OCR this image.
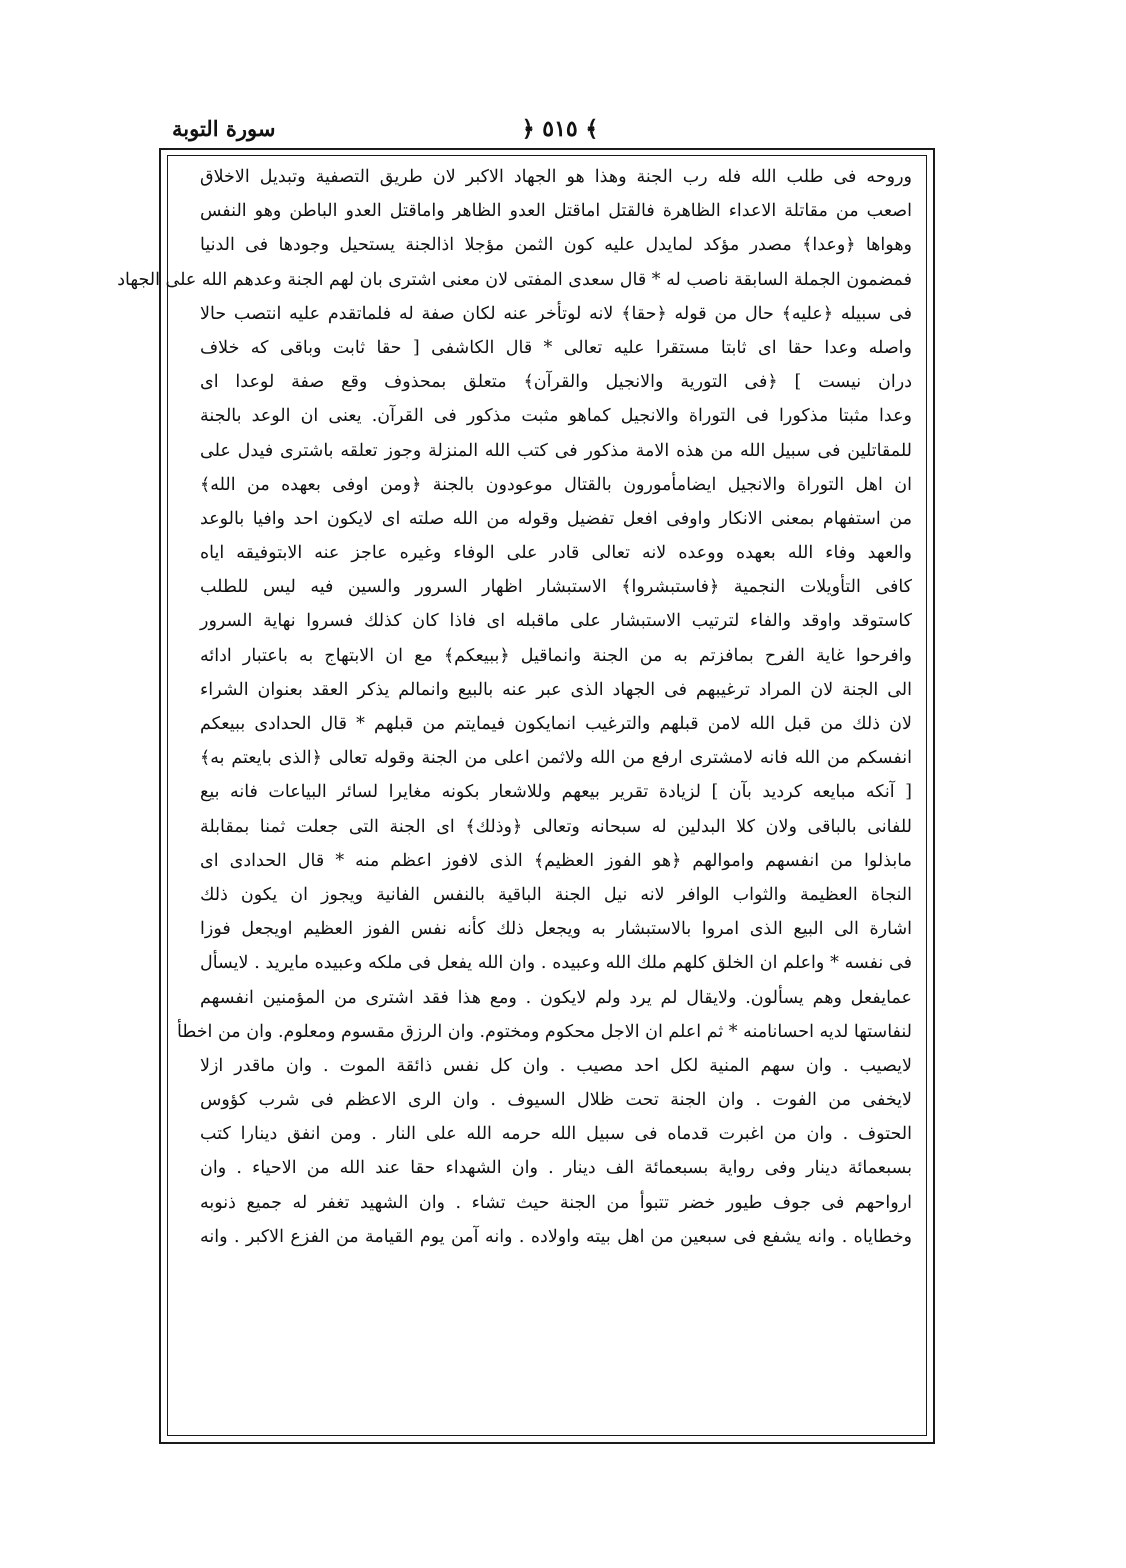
﴾ ٥١٥ ﴿
سورة التوبة
وروحه فى طلب الله فله رب الجنة وهذا هو الجهاد الاكبر لان طريق التصفية وتبديل الاخلاق
اصعب من مقاتلة الاعداء الظاهرة فالقتل اماقتل العدو الظاهر واماقتل العدو الباطن وهو النفس
وهواها ﴿وعدا﴾ مصدر مؤكد لمايدل عليه كون الثمن مؤجلا اذالجنة يستحيل وجودها فى الدنيا
فمضمون الجملة السابقة ناصب له * قال سعدى المفتى لان معنى اشترى بان لهم الجنة وعدهم الله على الجهاد
فى سبيله ﴿عليه﴾ حال من قوله ﴿حقا﴾ لانه لوتأخر عنه لكان صفة له فلماتقدم عليه انتصب حالا
واصله وعدا حقا اى ثابتا مستقرا عليه تعالى * قال الكاشفى [ حقا ثابت وباقى كه خلاف
دران نيست ] ﴿فى التورية والانجيل والقرآن﴾ متعلق بمحذوف وقع صفة لوعدا اى
وعدا مثبتا مذكورا فى التوراة والانجيل كماهو مثبت مذكور فى القرآن. يعنى ان الوعد بالجنة
للمقاتلين فى سبيل الله من هذه الامة مذكور فى كتب الله المنزلة وجوز تعلقه باشترى فيدل على
ان اهل التوراة والانجيل ايضامأمورون بالقتال موعودون بالجنة ﴿ومن اوفى بعهده من الله﴾
من استفهام بمعنى الانكار واوفى افعل تفضيل وقوله من الله صلته اى لايكون احد وافيا بالوعد
والعهد وفاء الله بعهده ووعده لانه تعالى قادر على الوفاء وغيره عاجز عنه الابتوفيقه اياه
كافى التأويلات النجمية ﴿فاستبشروا﴾ الاستبشار اظهار السرور والسين فيه ليس للطلب
كاستوقد واوقد والفاء لترتيب الاستبشار على ماقبله اى فاذا كان كذلك فسروا نهاية السرور
وافرحوا غاية الفرح بمافزتم به من الجنة وانماقيل ﴿ببيعكم﴾ مع ان الابتهاج به باعتبار ادائه
الى الجنة لان المراد ترغيبهم فى الجهاد الذى عبر عنه بالبيع وانمالم يذكر العقد بعنوان الشراء
لان ذلك من قبل الله لامن قبلهم والترغيب انمايكون فيمايتم من قبلهم * قال الحدادى ببيعكم
انفسكم من الله فانه لامشترى ارفع من الله ولاثمن اعلى من الجنة وقوله تعالى ﴿الذى بايعتم به﴾
[ آنكه مبايعه كرديد بآن ] لزيادة تقرير بيعهم وللاشعار بكونه مغايرا لسائر البياعات فانه بيع
للفانى بالباقى ولان كلا البدلين له سبحانه وتعالى ﴿وذلك﴾ اى الجنة التى جعلت ثمنا بمقابلة
مابذلوا من انفسهم واموالهم ﴿هو الفوز العظيم﴾ الذى لافوز اعظم منه * قال الحدادى اى
النجاة العظيمة والثواب الوافر لانه نيل الجنة الباقية بالنفس الفانية ويجوز ان يكون ذلك
اشارة الى البيع الذى امروا بالاستبشار به ويجعل ذلك كأنه نفس الفوز العظيم اويجعل فوزا
فى نفسه * واعلم ان الخلق كلهم ملك الله وعبيده . وان الله يفعل فى ملكه وعبيده مايريد . لايسأل
عمايفعل وهم يسألون. ولايقال لم يرد ولم لايكون . ومع هذا فقد اشترى من المؤمنين انفسهم
لنفاستها لديه احسانامنه * ثم اعلم ان الاجل محكوم ومختوم. وان الرزق مقسوم ومعلوم. وان من اخطأ
لايصيب . وان سهم المنية لكل احد مصيب . وان كل نفس ذائقة الموت . وان ماقدر ازلا
لايخفى من الفوت . وان الجنة تحت ظلال السيوف . وان الرى الاعظم فى شرب كؤوس
الحتوف . وان من اغبرت قدماه فى سبيل الله حرمه الله على النار . ومن انفق دينارا كتب
بسبعمائة دينار وفى رواية بسبعمائة الف دينار . وان الشهداء حقا عند الله من الاحياء . وان
ارواحهم فى جوف طيور خضر تتبوأ من الجنة حيث تشاء . وان الشهيد تغفر له جميع ذنوبه
وخطاياه . وانه يشفع فى سبعين من اهل بيته واولاده . وانه آمن يوم القيامة من الفزع الاكبر . وانه
